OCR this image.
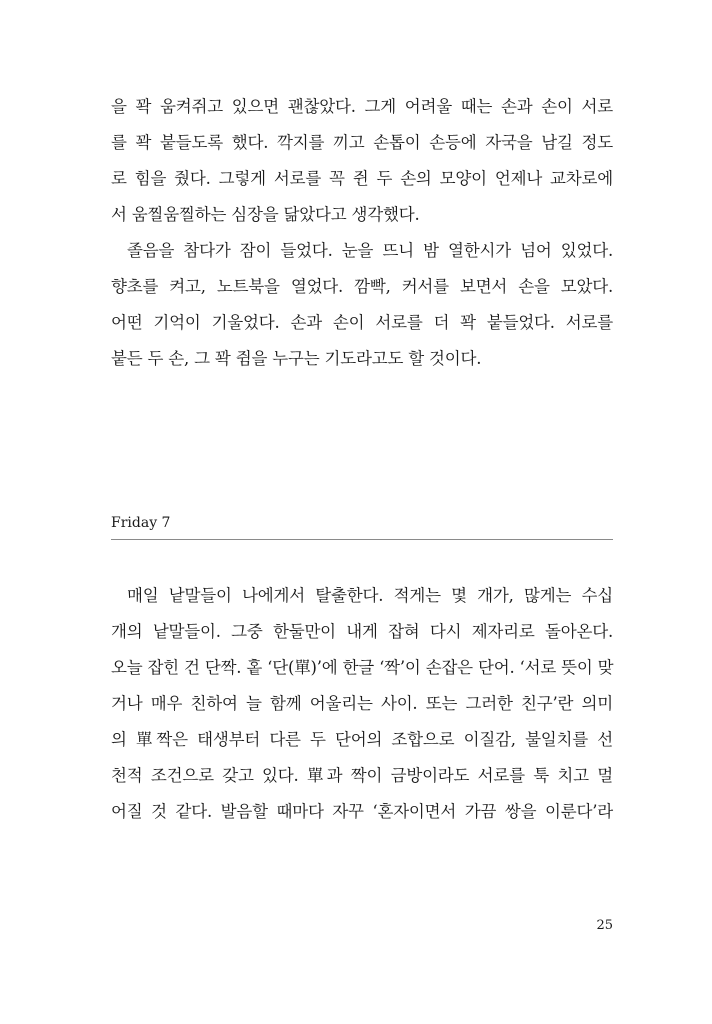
을 꽉 움켜쥐고 있으면 괜찮았다. 그게 어려울 때는 손과 손이 서로
를 꽉 붙들도록 했다. 깍지를 끼고 손톱이 손등에 자국을 남길 정도
로 힘을 줬다. 그렇게 서로를 꼭 쥔 두 손의 모양이 언제나 교차로에
서 움찔움찔하는 심장을 닮았다고 생각했다.
졸음을 참다가 잠이 들었다. 눈을 뜨니 밤 열한시가 넘어 있었다.
향초를 켜고, 노트북을 열었다. 깜빡, 커서를 보면서 손을 모았다.
어떤 기억이 기울었다. 손과 손이 서로를 더 꽉 붙들었다. 서로를
붙든 두 손, 그 꽉 쥠을 누구는 기도라고도 할 것이다.
Friday 7
매일 낱말들이 나에게서 탈출한다. 적게는 몇 개가, 많게는 수십
개의 낱말들이. 그중 한둘만이 내게 잡혀 다시 제자리로 돌아온다.
오늘 잡힌 건 단짝. 홑 ‘단(單)’에 한글 ‘짝’이 손잡은 단어. ‘서로 뜻이 맞
거나 매우 친하여 늘 함께 어울리는 사이. 또는 그러한 친구’란 의미
의 單짝은 태생부터 다른 두 단어의 조합으로 이질감, 불일치를 선
천적 조건으로 갖고 있다. 單과 짝이 금방이라도 서로를 툭 치고 멀
어질 것 같다. 발음할 때마다 자꾸 ‘혼자이면서 가끔 쌍을 이룬다’라
25
